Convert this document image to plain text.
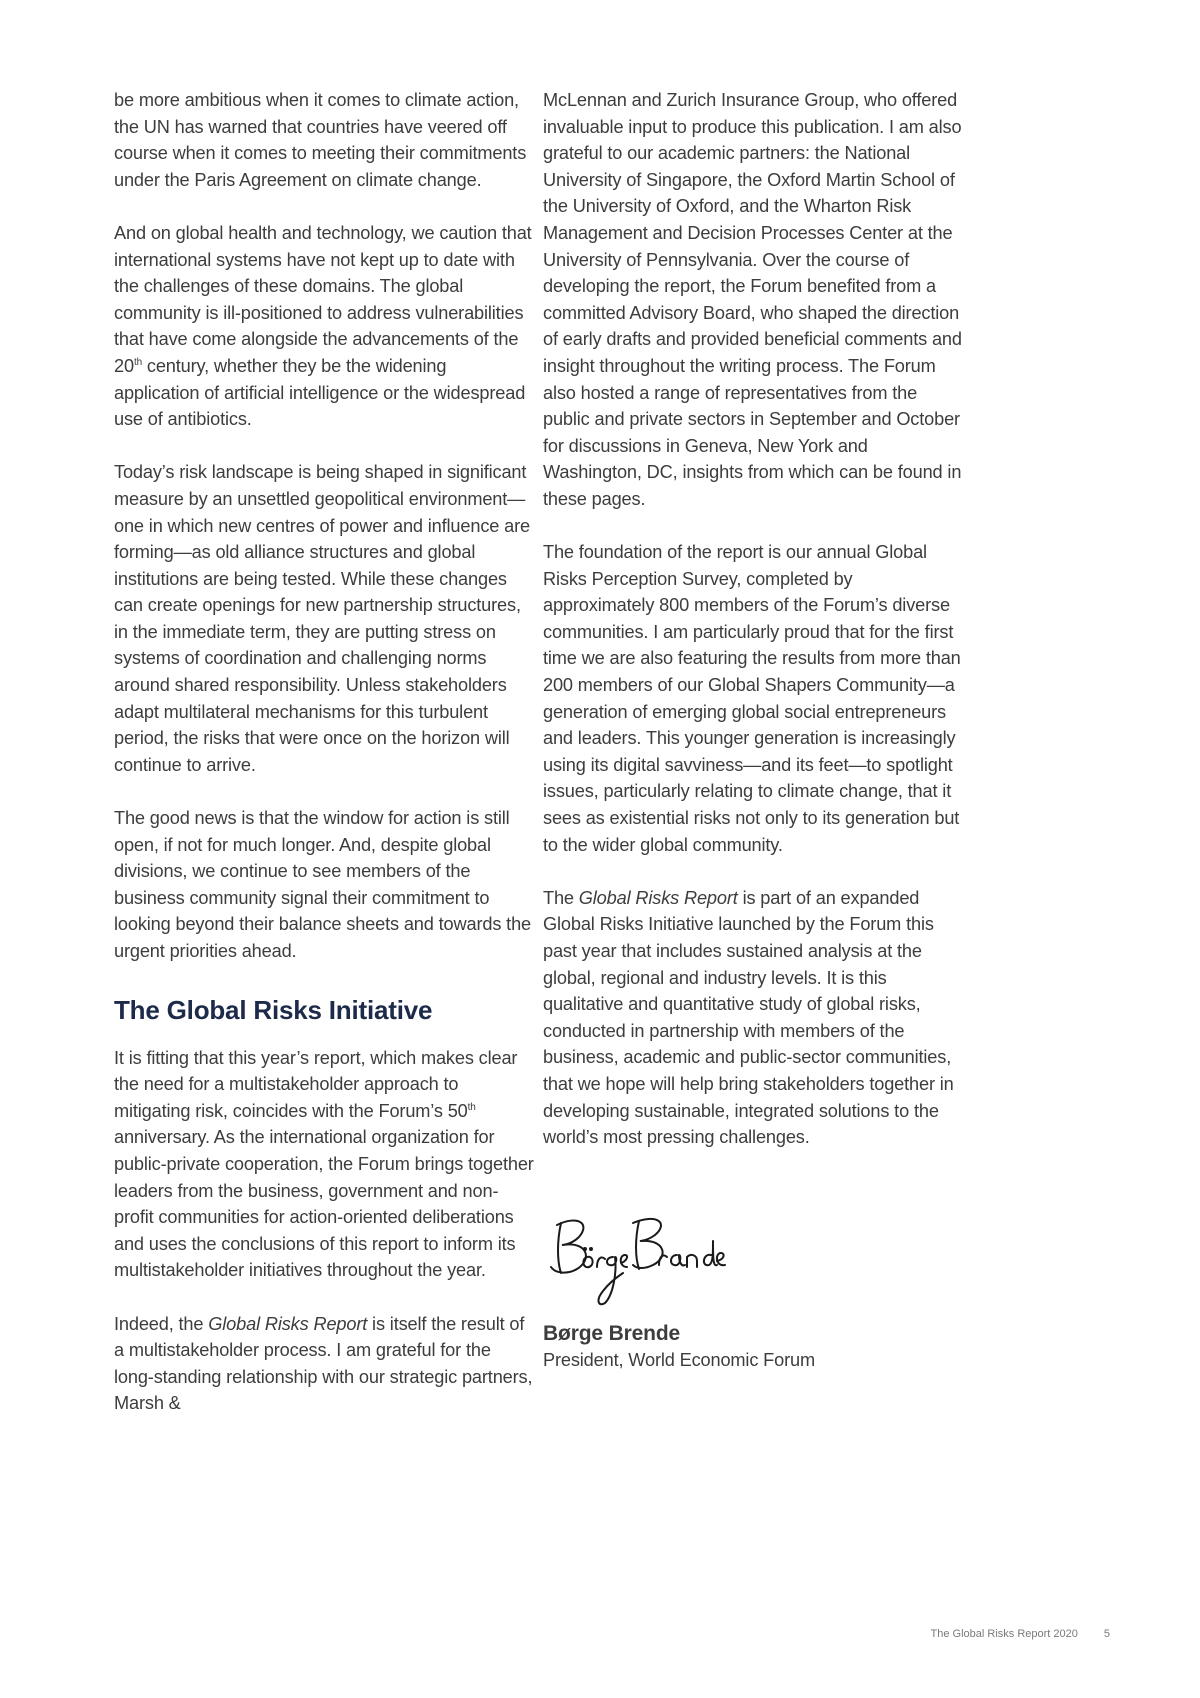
be more ambitious when it comes to climate action, the UN has warned that countries have veered off course when it comes to meeting their commitments under the Paris Agreement on climate change.

And on global health and technology, we caution that international systems have not kept up to date with the challenges of these domains. The global community is ill-positioned to address vulnerabilities that have come alongside the advancements of the 20th century, whether they be the widening application of artificial intelligence or the widespread use of antibiotics.

Today’s risk landscape is being shaped in significant measure by an unsettled geopolitical environment—one in which new centres of power and influence are forming—as old alliance structures and global institutions are being tested. While these changes can create openings for new partnership structures, in the immediate term, they are putting stress on systems of coordination and challenging norms around shared responsibility. Unless stakeholders adapt multilateral mechanisms for this turbulent period, the risks that were once on the horizon will continue to arrive.

The good news is that the window for action is still open, if not for much longer. And, despite global divisions, we continue to see members of the business community signal their commitment to looking beyond their balance sheets and towards the urgent priorities ahead.

The Global Risks Initiative

It is fitting that this year’s report, which makes clear the need for a multistakeholder approach to mitigating risk, coincides with the Forum’s 50th anniversary. As the international organization for public-private cooperation, the Forum brings together leaders from the business, government and non-profit communities for action-oriented deliberations and uses the conclusions of this report to inform its multistakeholder initiatives throughout the year.

Indeed, the Global Risks Report is itself the result of a multistakeholder process. I am grateful for the long-standing relationship with our strategic partners, Marsh &

McLennan and Zurich Insurance Group, who offered invaluable input to produce this publication. I am also grateful to our academic partners: the National University of Singapore, the Oxford Martin School of the University of Oxford, and the Wharton Risk Management and Decision Processes Center at the University of Pennsylvania. Over the course of developing the report, the Forum benefited from a committed Advisory Board, who shaped the direction of early drafts and provided beneficial comments and insight throughout the writing process. The Forum also hosted a range of representatives from the public and private sectors in September and October for discussions in Geneva, New York and Washington, DC, insights from which can be found in these pages.

The foundation of the report is our annual Global Risks Perception Survey, completed by approximately 800 members of the Forum’s diverse communities. I am particularly proud that for the first time we are also featuring the results from more than 200 members of our Global Shapers Community—a generation of emerging global social entrepreneurs and leaders. This younger generation is increasingly using its digital savviness—and its feet—to spotlight issues, particularly relating to climate change, that it sees as existential risks not only to its generation but to the wider global community.

The Global Risks Report is part of an expanded Global Risks Initiative launched by the Forum this past year that includes sustained analysis at the global, regional and industry levels. It is this qualitative and quantitative study of global risks, conducted in partnership with members of the business, academic and public-sector communities, that we hope will help bring stakeholders together in developing sustainable, integrated solutions to the world’s most pressing challenges.

Børge Brende
President, World Economic Forum
The Global Risks Report 2020 5
